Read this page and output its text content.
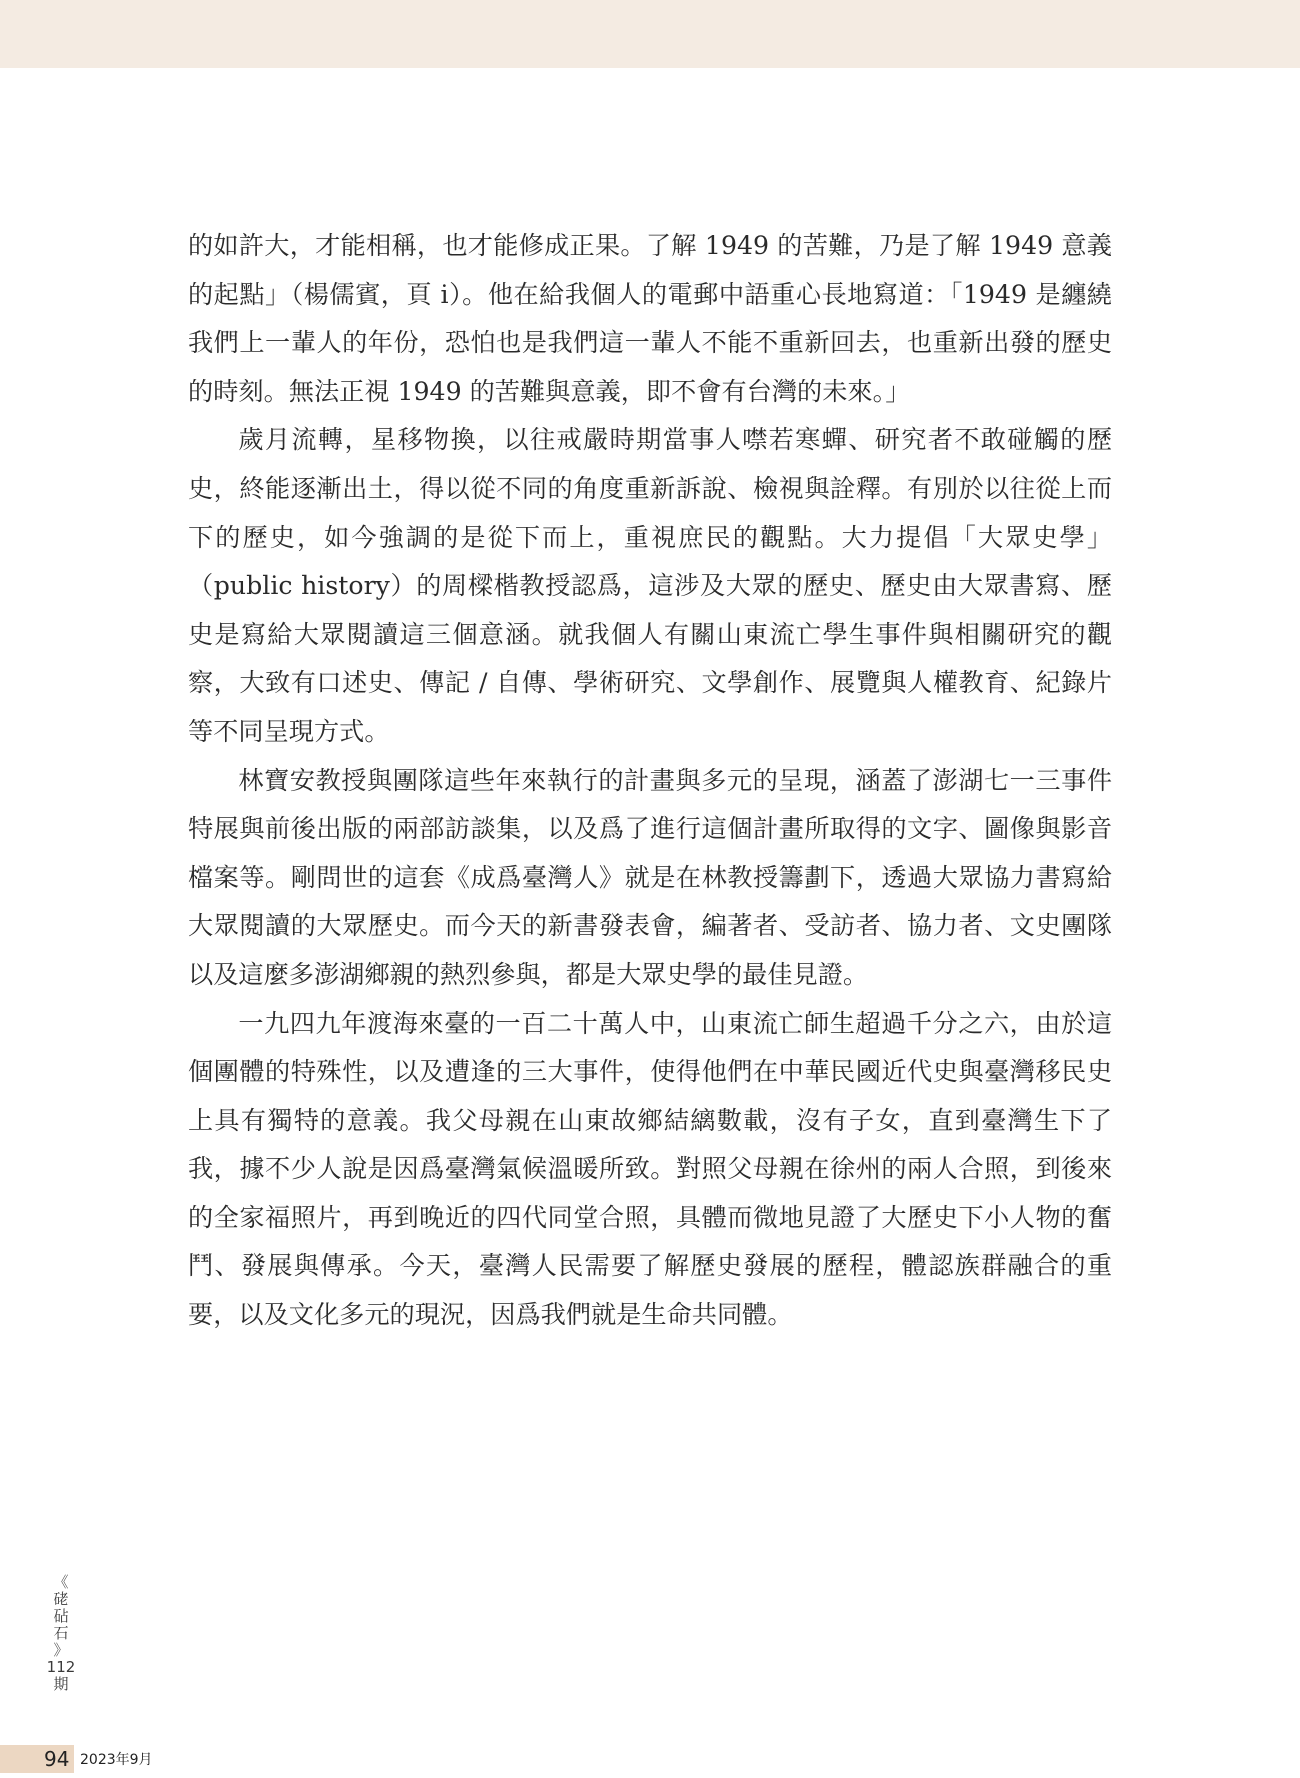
的如許大，才能相稱，也才能修成正果。了解 1949 的苦難，乃是了解 1949 意義的起點」（楊儒賓，頁 i）。他在給我個人的電郵中語重心長地寫道：「1949 是纏繞我們上一輩人的年份，恐怕也是我們這一輩人不能不重新回去，也重新出發的歷史的時刻。無法正視 1949 的苦難與意義，即不會有台灣的未來。」

歲月流轉，星移物換，以往戒嚴時期當事人噤若寒蟬、研究者不敢碰觸的歷史，終能逐漸出土，得以從不同的角度重新訴說、檢視與詮釋。有別於以往從上而下的歷史，如今強調的是從下而上，重視庶民的觀點。大力提倡「大眾史學」（public history）的周樑楷教授認爲，這涉及大眾的歷史、歷史由大眾書寫、歷史是寫給大眾閱讀這三個意涵。就我個人有關山東流亡學生事件與相關研究的觀察，大致有口述史、傳記 / 自傳、學術研究、文學創作、展覽與人權教育、紀錄片等不同呈現方式。

林寶安教授與團隊這些年來執行的計畫與多元的呈現，涵蓋了澎湖七一三事件特展與前後出版的兩部訪談集，以及爲了進行這個計畫所取得的文字、圖像與影音檔案等。剛問世的這套《成爲臺灣人》就是在林教授籌劃下，透過大眾協力書寫給大眾閱讀的大眾歷史。而今天的新書發表會，編著者、受訪者、協力者、文史團隊以及這麼多澎湖鄉親的熱烈參與，都是大眾史學的最佳見證。

一九四九年渡海來臺的一百二十萬人中，山東流亡師生超過千分之六，由於這個團體的特殊性，以及遭逢的三大事件，使得他們在中華民國近代史與臺灣移民史上具有獨特的意義。我父母親在山東故鄉結縭數載，沒有子女，直到臺灣生下了我，據不少人說是因爲臺灣氣候溫暖所致。對照父母親在徐州的兩人合照，到後來的全家福照片，再到晚近的四代同堂合照，具體而微地見證了大歷史下小人物的奮鬥、發展與傳承。今天，臺灣人民需要了解歷史發展的歷程，體認族群融合的重要，以及文化多元的現況，因爲我們就是生命共同體。

《
硓
砧
石
》
112
期
94 2023年9月
